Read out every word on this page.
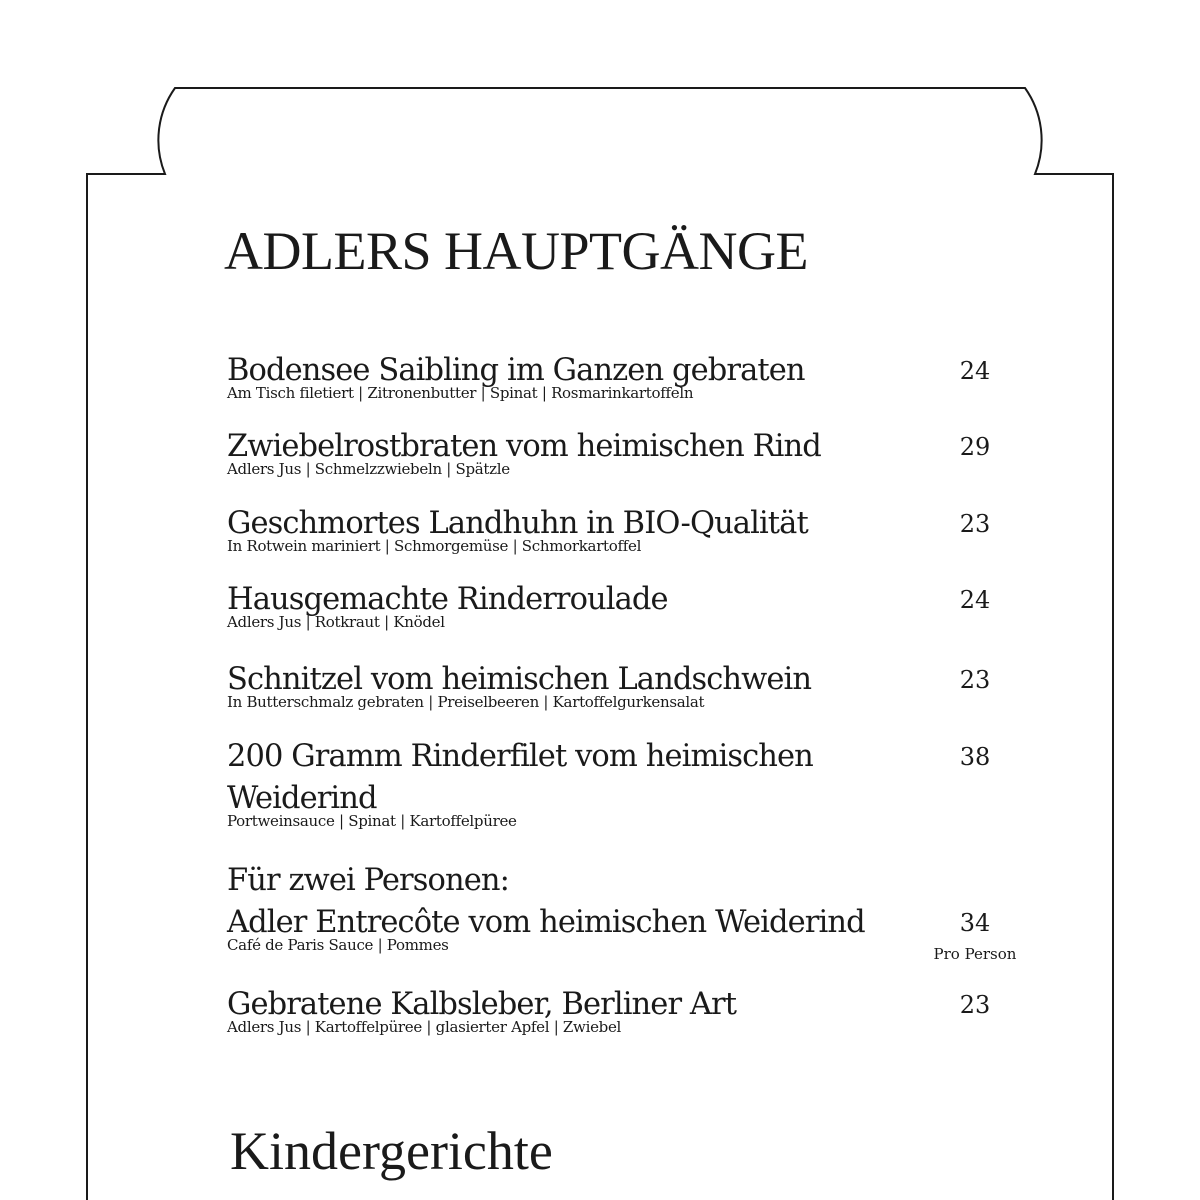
ADLERS HAUPTGÄNGE
Bodensee Saibling im Ganzen gebraten
Am Tisch filetiert | Zitronenbutter | Spinat | Rosmarinkartoffeln
24
Zwiebelrostbraten vom heimischen Rind
Adlers Jus | Schmelzzwiebeln | Spätzle
29
Geschmortes Landhuhn in BIO-Qualität
In Rotwein mariniert | Schmorgemüse | Schmorkartoffel
23
Hausgemachte Rinderroulade
Adlers Jus | Rotkraut | Knödel
24
Schnitzel vom heimischen Landschwein
In Butterschmalz gebraten | Preiselbeeren | Kartoffelgurkensalat
23
200 Gramm Rinderfilet vom heimischen Weiderind
Portweinsauce | Spinat | Kartoffelpüree
38
Für zwei Personen:
Adler Entrecôte vom heimischen Weiderind
Café de Paris Sauce | Pommes
34
Pro Person
Gebratene Kalbsleber, Berliner Art
Adlers Jus | Kartoffelpüree | glasierter Apfel | Zwiebel
23
Kindergerichte
